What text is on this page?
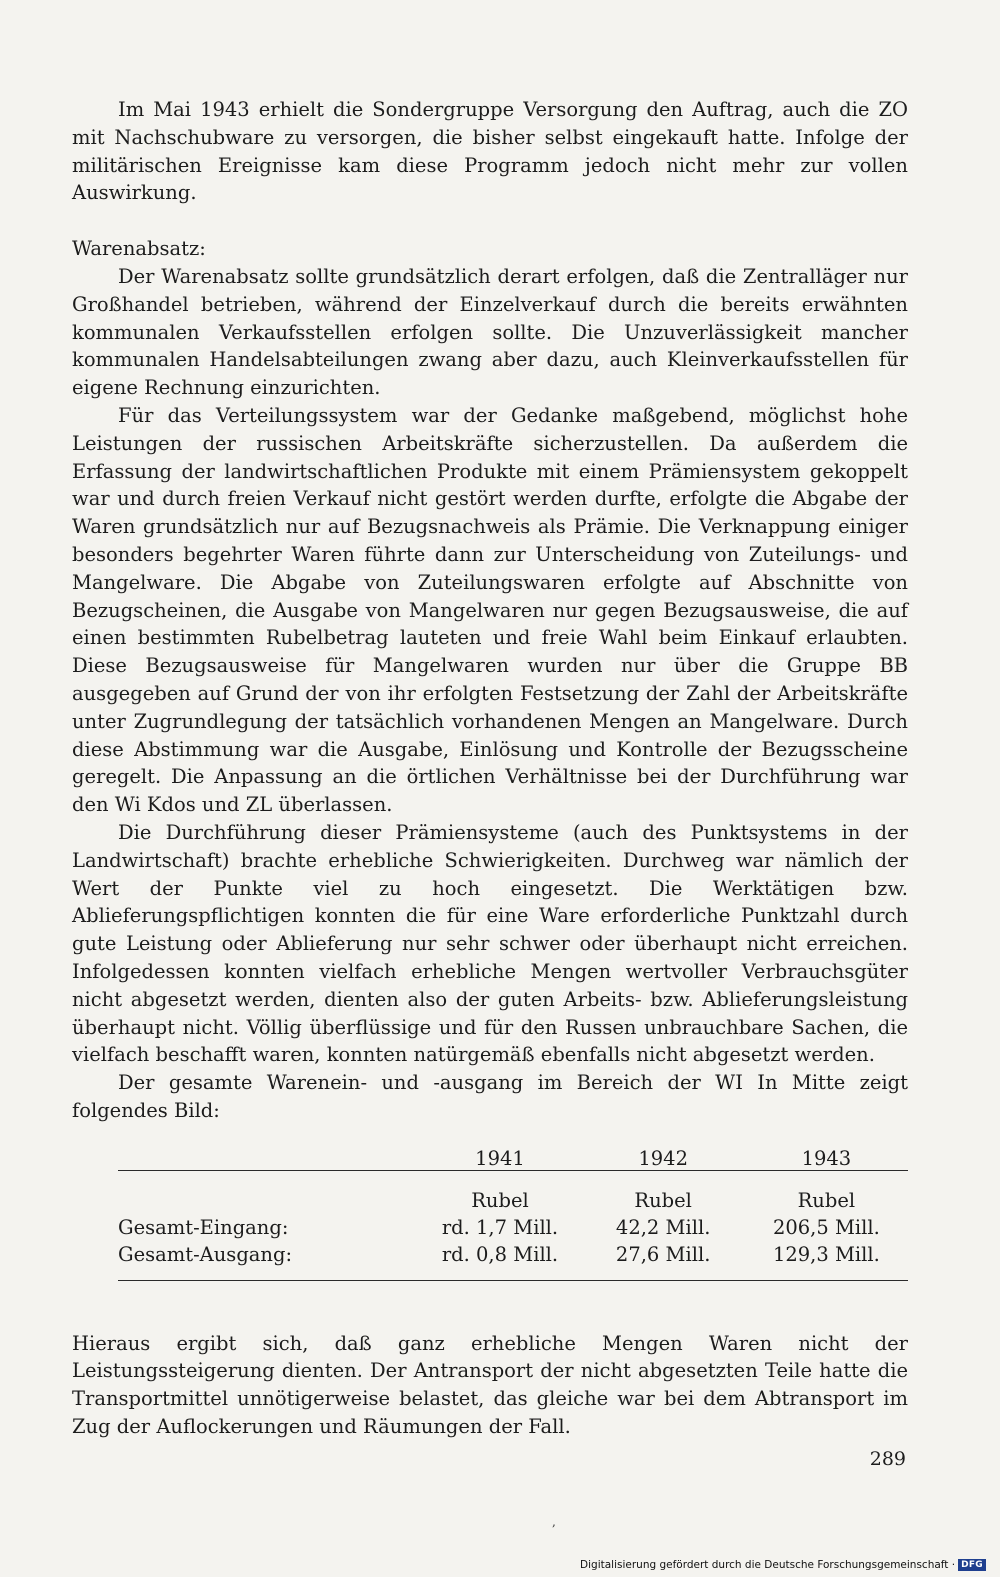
Im Mai 1943 erhielt die Sondergruppe Versorgung den Auftrag, auch die ZO mit Nachschubware zu versorgen, die bisher selbst eingekauft hatte. Infolge der militärischen Ereignisse kam diese Programm jedoch nicht mehr zur vollen Auswirkung.

Warenabsatz:

Der Warenabsatz sollte grundsätzlich derart erfolgen, daß die Zentralläger nur Großhandel betrieben, während der Einzelverkauf durch die bereits erwähnten kommunalen Verkaufsstellen erfolgen sollte. Die Unzuverlässigkeit mancher kommunalen Handelsabteilungen zwang aber dazu, auch Kleinverkaufsstellen für eigene Rechnung einzurichten.

Für das Verteilungssystem war der Gedanke maßgebend, möglichst hohe Leistungen der russischen Arbeitskräfte sicherzustellen. Da außerdem die Erfassung der landwirtschaftlichen Produkte mit einem Prämiensystem gekoppelt war und durch freien Verkauf nicht gestört werden durfte, erfolgte die Abgabe der Waren grundsätzlich nur auf Bezugsnachweis als Prämie. Die Verknappung einiger besonders begehrter Waren führte dann zur Unterscheidung von Zuteilungs- und Mangelware. Die Abgabe von Zuteilungswaren erfolgte auf Abschnitte von Bezugscheinen, die Ausgabe von Mangelwaren nur gegen Bezugsausweise, die auf einen bestimmten Rubelbetrag lauteten und freie Wahl beim Einkauf erlaubten. Diese Bezugsausweise für Mangelwaren wurden nur über die Gruppe BB ausgegeben auf Grund der von ihr erfolgten Festsetzung der Zahl der Arbeitskräfte unter Zugrundlegung der tatsächlich vorhandenen Mengen an Mangelware. Durch diese Abstimmung war die Ausgabe, Einlösung und Kontrolle der Bezugsscheine geregelt. Die Anpassung an die örtlichen Verhältnisse bei der Durchführung war den Wi Kdos und ZL überlassen.

Die Durchführung dieser Prämiensysteme (auch des Punktsystems in der Landwirtschaft) brachte erhebliche Schwierigkeiten. Durchweg war nämlich der Wert der Punkte viel zu hoch eingesetzt. Die Werktätigen bzw. Ablieferungspflichtigen konnten die für eine Ware erforderliche Punktzahl durch gute Leistung oder Ablieferung nur sehr schwer oder überhaupt nicht erreichen. Infolgedessen konnten vielfach erhebliche Mengen wertvoller Verbrauchsgüter nicht abgesetzt werden, dienten also der guten Arbeits- bzw. Ablieferungsleistung überhaupt nicht. Völlig überflüssige und für den Russen unbrauchbare Sachen, die vielfach beschafft waren, konnten natürgemäß ebenfalls nicht abgesetzt werden.

Der gesamte Warenein- und -ausgang im Bereich der WI In Mitte zeigt folgendes Bild:

	1941	1942	1943

	Rubel	Rubel	Rubel
Gesamt-Eingang:	rd. 1,7 Mill.	42,2 Mill.	206,5 Mill.
Gesamt-Ausgang:	rd. 0,8 Mill.	27,6 Mill.	129,3 Mill.

Hieraus ergibt sich, daß ganz erhebliche Mengen Waren nicht der Leistungssteigerung dienten. Der Antransport der nicht abgesetzten Teile hatte die Transportmittel unnötigerweise belastet, das gleiche war bei dem Abtransport im Zug der Auflockerungen und Räumungen der Fall.

289
,
Digitalisierung gefördert durch die Deutsche Forschungsgemeinschaft · DFG
